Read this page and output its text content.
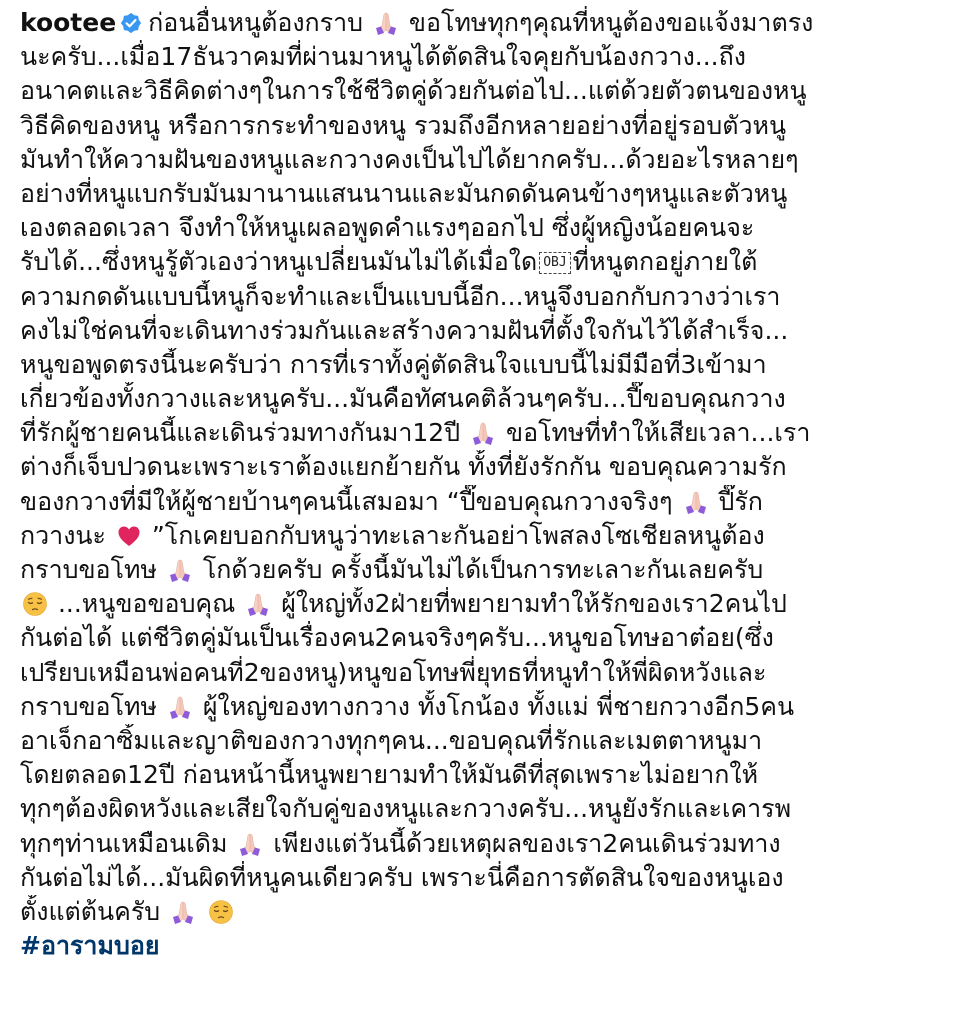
kootee ก่อนอื่นหนูต้องกราบ  ขอโทษทุกๆคุณที่หนูต้องขอแจ้งมาตรง
นะครับ...เมื่อ17ธันวาคมที่ผ่านมาหนูได้ตัดสินใจคุยกับน้องกวาง...ถึง
อนาคตและวิธีคิดต่างๆในการใช้ชีวิตคู่ด้วยกันต่อไป...แต่ด้วยตัวตนของหนู
วิธีคิดของหนู หรือการกระทำของหนู รวมถึงอีกหลายอย่างที่อยู่รอบตัวหนู
มันทำให้ความฝันของหนูและกวางคงเป็นไปได้ยากครับ...ด้วยอะไรหลายๆ
อย่างที่หนูแบกรับมันมานานแสนนานและมันกดดันคนข้างๆหนูและตัวหนู
เองตลอดเวลา จึงทำให้หนูเผลอพูดคำแรงๆออกไป ซึ่งผู้หญิงน้อยคนจะ
รับได้...ซึ่งหนูรู้ตัวเองว่าหนูเปลี่ยนมันไม่ได้เมื่อใด OBJ ที่หนูตกอยู่ภายใต้
ความกดดันแบบนี้หนูก็จะทำและเป็นแบบนี้อีก...หนูจึงบอกกับกวางว่าเรา
คงไม่ใช่คนที่จะเดินทางร่วมกันและสร้างความฝันที่ตั้งใจกันไว้ได้สำเร็จ...
หนูขอพูดตรงนี้นะครับว่า การที่เราทั้งคู่ตัดสินใจแบบนี้ไม่มีมือที่3เข้ามา
เกี่ยวข้องทั้งกวางและหนูครับ...มันคือทัศนคติล้วนๆครับ...ปี๊ขอบคุณกวาง
ที่รักผู้ชายคนนี้และเดินร่วมทางกันมา12ปี  ขอโทษที่ทำให้เสียเวลา...เรา
ต่างก็เจ็บปวดนะเพราะเราต้องแยกย้ายกัน ทั้งที่ยังรักกัน ขอบคุณความรัก
ของกวางที่มีให้ผู้ชายบ้านๆคนนี้เสมอมา “ปี๊ขอบคุณกวางจริงๆ  ปี๊รัก
กวางนะ  ”โกเคยบอกกับหนูว่าทะเลาะกันอย่าโพสลงโซเชียลหนูต้อง
กราบขอโทษ  โกด้วยครับ ครั้งนี้มันไม่ได้เป็นการทะเลาะกันเลยครับ
...หนูขอขอบคุณ  ผู้ใหญ่ทั้ง2ฝ่ายที่พยายามทำให้รักของเรา2คนไป
กันต่อได้ แต่ชีวิตคู่มันเป็นเรื่องคน2คนจริงๆครับ...หนูขอโทษอาต๋อย(ซึ่ง
เปรียบเหมือนพ่อคนที่2ของหนู)หนูขอโทษพี่ยุทธที่หนูทำให้พี่ผิดหวังและ
กราบขอโทษ  ผู้ใหญ่ของทางกวาง ทั้งโกน้อง ทั้งแม่ พี่ชายกวางอีก5คน
อาเจ็กอาซิ้มและญาติของกวางทุกๆคน...ขอบคุณที่รักและเมตตาหนูมา
โดยตลอด12ปี ก่อนหน้านี้หนูพยายามทำให้มันดีที่สุดเพราะไม่อยากให้
ทุกๆต้องผิดหวังและเสียใจกับคู่ของหนูและกวางครับ...หนูยังรักและเคารพ
ทุกๆท่านเหมือนเดิม  เพียงแต่วันนี้ด้วยเหตุผลของเรา2คนเดินร่วมทาง
กันต่อไม่ได้...มันผิดที่หนูคนเดียวครับ เพราะนี่คือการตัดสินใจของหนูเอง
ตั้งแต่ต้นครับ
#อารามบอย
